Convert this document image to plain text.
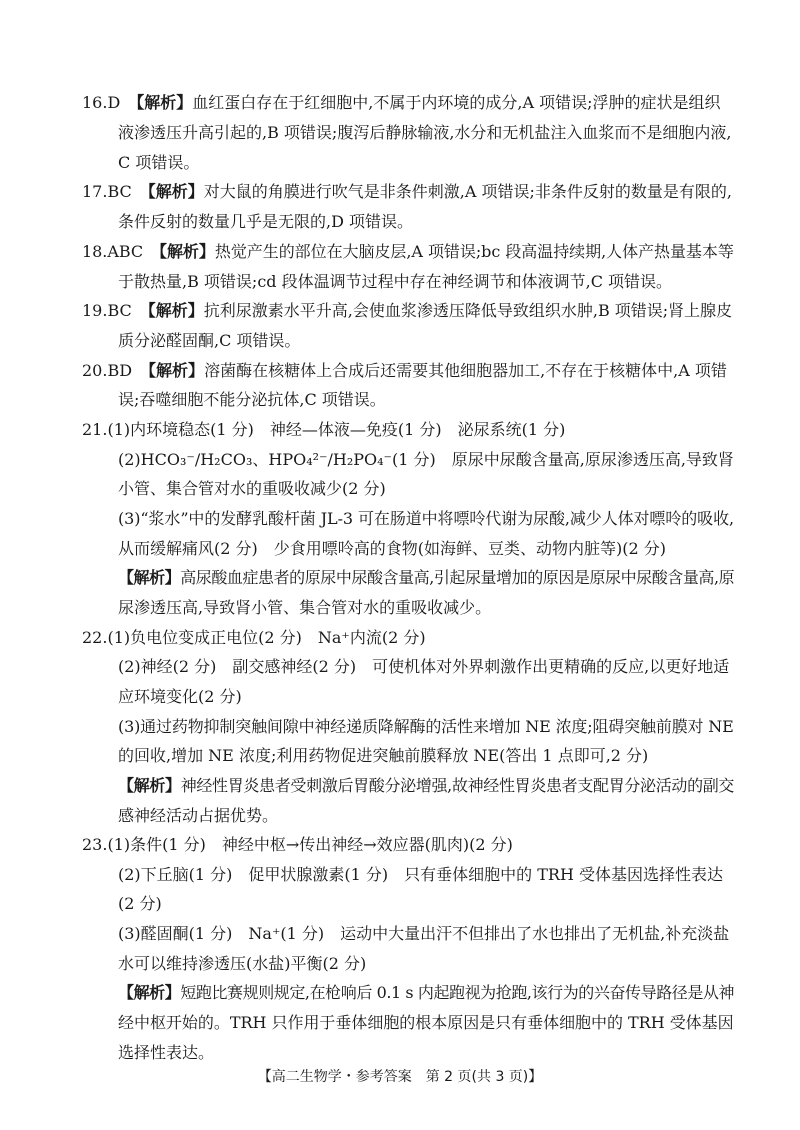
16.D　【解析】血红蛋白存在于红细胞中,不属于内环境的成分,A 项错误;浮肿的症状是组织
液渗透压升高引起的,B 项错误;腹泻后静脉输液,水分和无机盐注入血浆而不是细胞内液,
C 项错误。
17.BC　【解析】对大鼠的角膜进行吹气是非条件刺激,A 项错误;非条件反射的数量是有限的,
条件反射的数量几乎是无限的,D 项错误。
18.ABC　【解析】热觉产生的部位在大脑皮层,A 项错误;bc 段高温持续期,人体产热量基本等
于散热量,B 项错误;cd 段体温调节过程中存在神经调节和体液调节,C 项错误。
19.BC　【解析】抗利尿激素水平升高,会使血浆渗透压降低导致组织水肿,B 项错误;肾上腺皮
质分泌醛固酮,C 项错误。
20.BD　【解析】溶菌酶在核糖体上合成后还需要其他细胞器加工,不存在于核糖体中,A 项错
误;吞噬细胞不能分泌抗体,C 项错误。
21.(1)内环境稳态(1 分)　神经—体液—免疫(1 分)　泌尿系统(1 分)
(2)HCO₃⁻/H₂CO₃、HPO₄²⁻/H₂PO₄⁻(1 分)　原尿中尿酸含量高,原尿渗透压高,导致肾
小管、集合管对水的重吸收减少(2 分)
(3)“浆水”中的发酵乳酸杆菌 JL-3 可在肠道中将嘌呤代谢为尿酸,减少人体对嘌呤的吸收,
从而缓解痛风(2 分)　少食用嘌呤高的食物(如海鲜、豆类、动物内脏等)(2 分)
【解析】高尿酸血症患者的原尿中尿酸含量高,引起尿量增加的原因是原尿中尿酸含量高,原
尿渗透压高,导致肾小管、集合管对水的重吸收减少。
22.(1)负电位变成正电位(2 分)　Na⁺内流(2 分)
(2)神经(2 分)　副交感神经(2 分)　可使机体对外界刺激作出更精确的反应,以更好地适
应环境变化(2 分)
(3)通过药物抑制突触间隙中神经递质降解酶的活性来增加 NE 浓度;阻碍突触前膜对 NE
的回收,增加 NE 浓度;利用药物促进突触前膜释放 NE(答出 1 点即可,2 分)
【解析】神经性胃炎患者受刺激后胃酸分泌增强,故神经性胃炎患者支配胃分泌活动的副交
感神经活动占据优势。
23.(1)条件(1 分)　神经中枢→传出神经→效应器(肌肉)(2 分)
(2)下丘脑(1 分)　促甲状腺激素(1 分)　只有垂体细胞中的 TRH 受体基因选择性表达
(2 分)
(3)醛固酮(1 分)　Na⁺(1 分)　运动中大量出汗不但排出了水也排出了无机盐,补充淡盐
水可以维持渗透压(水盐)平衡(2 分)
【解析】短跑比赛规则规定,在枪响后 0.1 s 内起跑视为抢跑,该行为的兴奋传导路径是从神
经中枢开始的。TRH 只作用于垂体细胞的根本原因是只有垂体细胞中的 TRH 受体基因
选择性表达。
【高二生物学・参考答案　第 2 页(共 3 页)】
